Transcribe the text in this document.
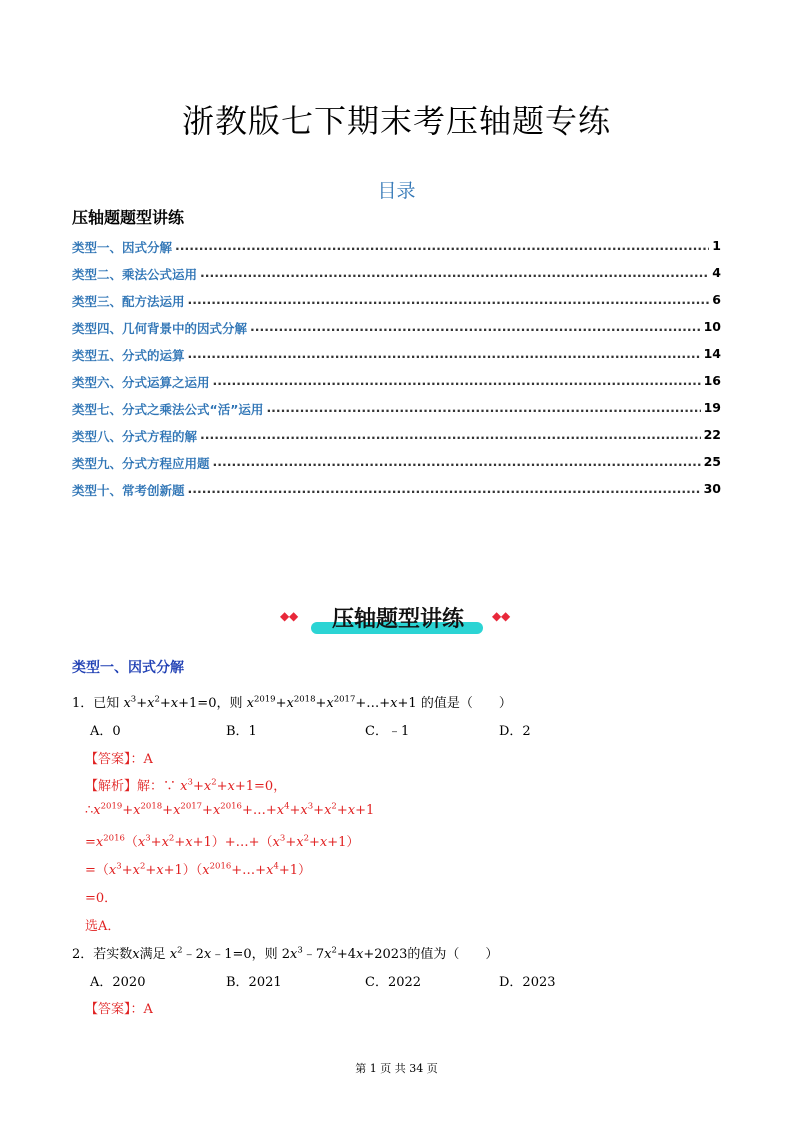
浙教版七下期末考压轴题专练
目录
压轴题题型讲练
类型一、因式分解 .....	1
类型二、乘法公式运用 .....	4
类型三、配方法运用 .....	6
类型四、几何背景中的因式分解 .....	10
类型五、分式的运算 .....	14
类型六、分式运算之运用 .....	16
类型七、分式之乘法公式“活”运用 .....	19
类型八、分式方程的解 .....	22
类型九、分式方程应用题 .....	25
类型十、常考创新题 .....	30
◆ ◆	压轴题型讲练	◆ ◆
类型一、因式分解
1．已知 $x^3+x^2+x+1=0$，则 $x^{2019}+x^{2018}+x^{2017}+\dots+x+1$ 的值是（　　）
A．0	B．1	C．﹣1	D．2
【答案】：A
【解析】解：∵ $x^3+x^2+x+1=0$，
$\therefore x^{2019}+x^{2018}+x^{2017}+x^{2016}+\dots+x^4+x^3+x^2+x+1$
$=x^{2016}(x^3+x^2+x+1)+\dots+(x^3+x^2+x+1)$
$=(x^3+x^2+x+1)(x^{2016}+\dots+x^4+1)$
=0．
选A．
2．若实数x满足 $x^2﹣2x﹣1=0$，则 $2x^3﹣7x^2+4x+2023$的值为（　　）
A．2020	B．2021	C．2022	D．2023
【答案】：A
第 1 页 共 34 页
